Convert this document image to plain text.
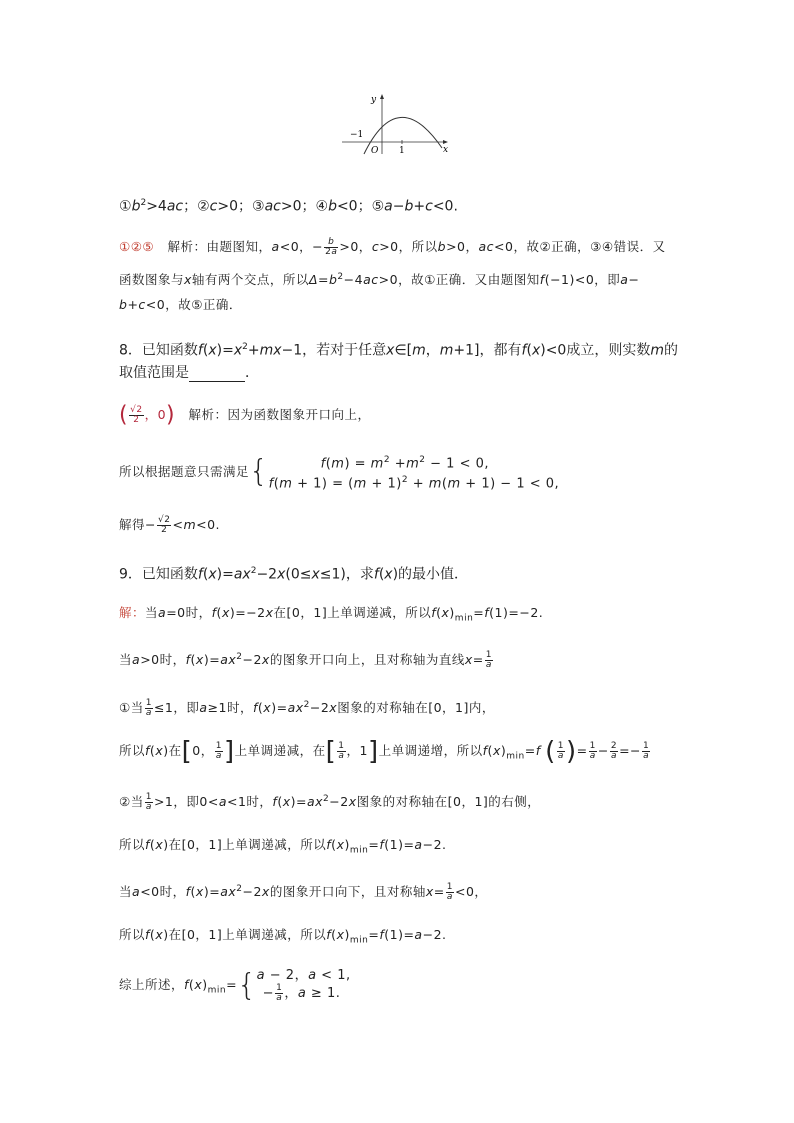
y
x
−1
O 1
$①b^2>4ac$；②c>0；③ac>0；④b<0；⑤a−b+c<0.
①②⑤   解析：由题图知，a<0，− $\frac{b}{2a} >0$，c>0，所以b>0，ac<0，故②正确，③④错误．又
函数图象与x轴有两个交点，所以$\Delta=b^2-4ac>0$，故①正确．又由题图知f(−1)<0，即a−
b+c<0，故⑤正确．
8．已知函数$f(x)=x^2+mx-1$，若对于任意x∈[m，m+1]，都有f(x)<0成立，则实数m的
取值范围是	．
( $\frac{√2}{2}$ ，0) 解析：因为函数图象开口向上，
所以根据题意只需满足{	$f(m) = m^2 +m^2 - 1 < 0$,
$f(m + 1) = (m + 1)^2 + m(m + 1) - 1 < 0$,
解得− $\frac{√2}{2} <m<0$.
9．已知函数$f(x)=ax^2-2x(0\le x\le 1)$，求f(x)的最小值．
解：当a=0时，f(x)=−2x在[0，1]上单调递减，所以$f(x)_{min}=f(1)=-2$.
当a>0时，$f(x)=ax^2-2x$的图象开口向上，且对称轴为直线$x= \frac{1}{a}$
①当 $\frac{1}{a} \le 1$，即a≥1时，$f(x)=ax^2-2x$图象的对称轴在[0，1]内，
所以f(x)在[0， $\frac{1}{a}$ ]上单调递减，在[ $\frac{1}{a}$ ，1]上单调递增，所以$f(x)_{min}=f$ ( $\frac{1}{a}$ )= $\frac{1}{a} - \frac{2}{a} =- \frac{1}{a}$
②当 $\frac{1}{a} >1$，即0<a<1时，$f(x)=ax^2-2x$图象的对称轴在[0，1]的右侧，
所以f(x)在[0，1]上单调递减，所以$f(x)_{min}=f(1)=a-2$.
当a<0时，$f(x)=ax^2-2x$的图象开口向下，且对称轴$x= \frac{1}{a} <0$，
所以f(x)在[0，1]上单调递减，所以$f(x)_{min}=f(1)=a-2$.
综上所述，$f(x)_{min}=${ a − 2，a < 1,
− $\frac{1}{a}$ ，a ≥ 1.
